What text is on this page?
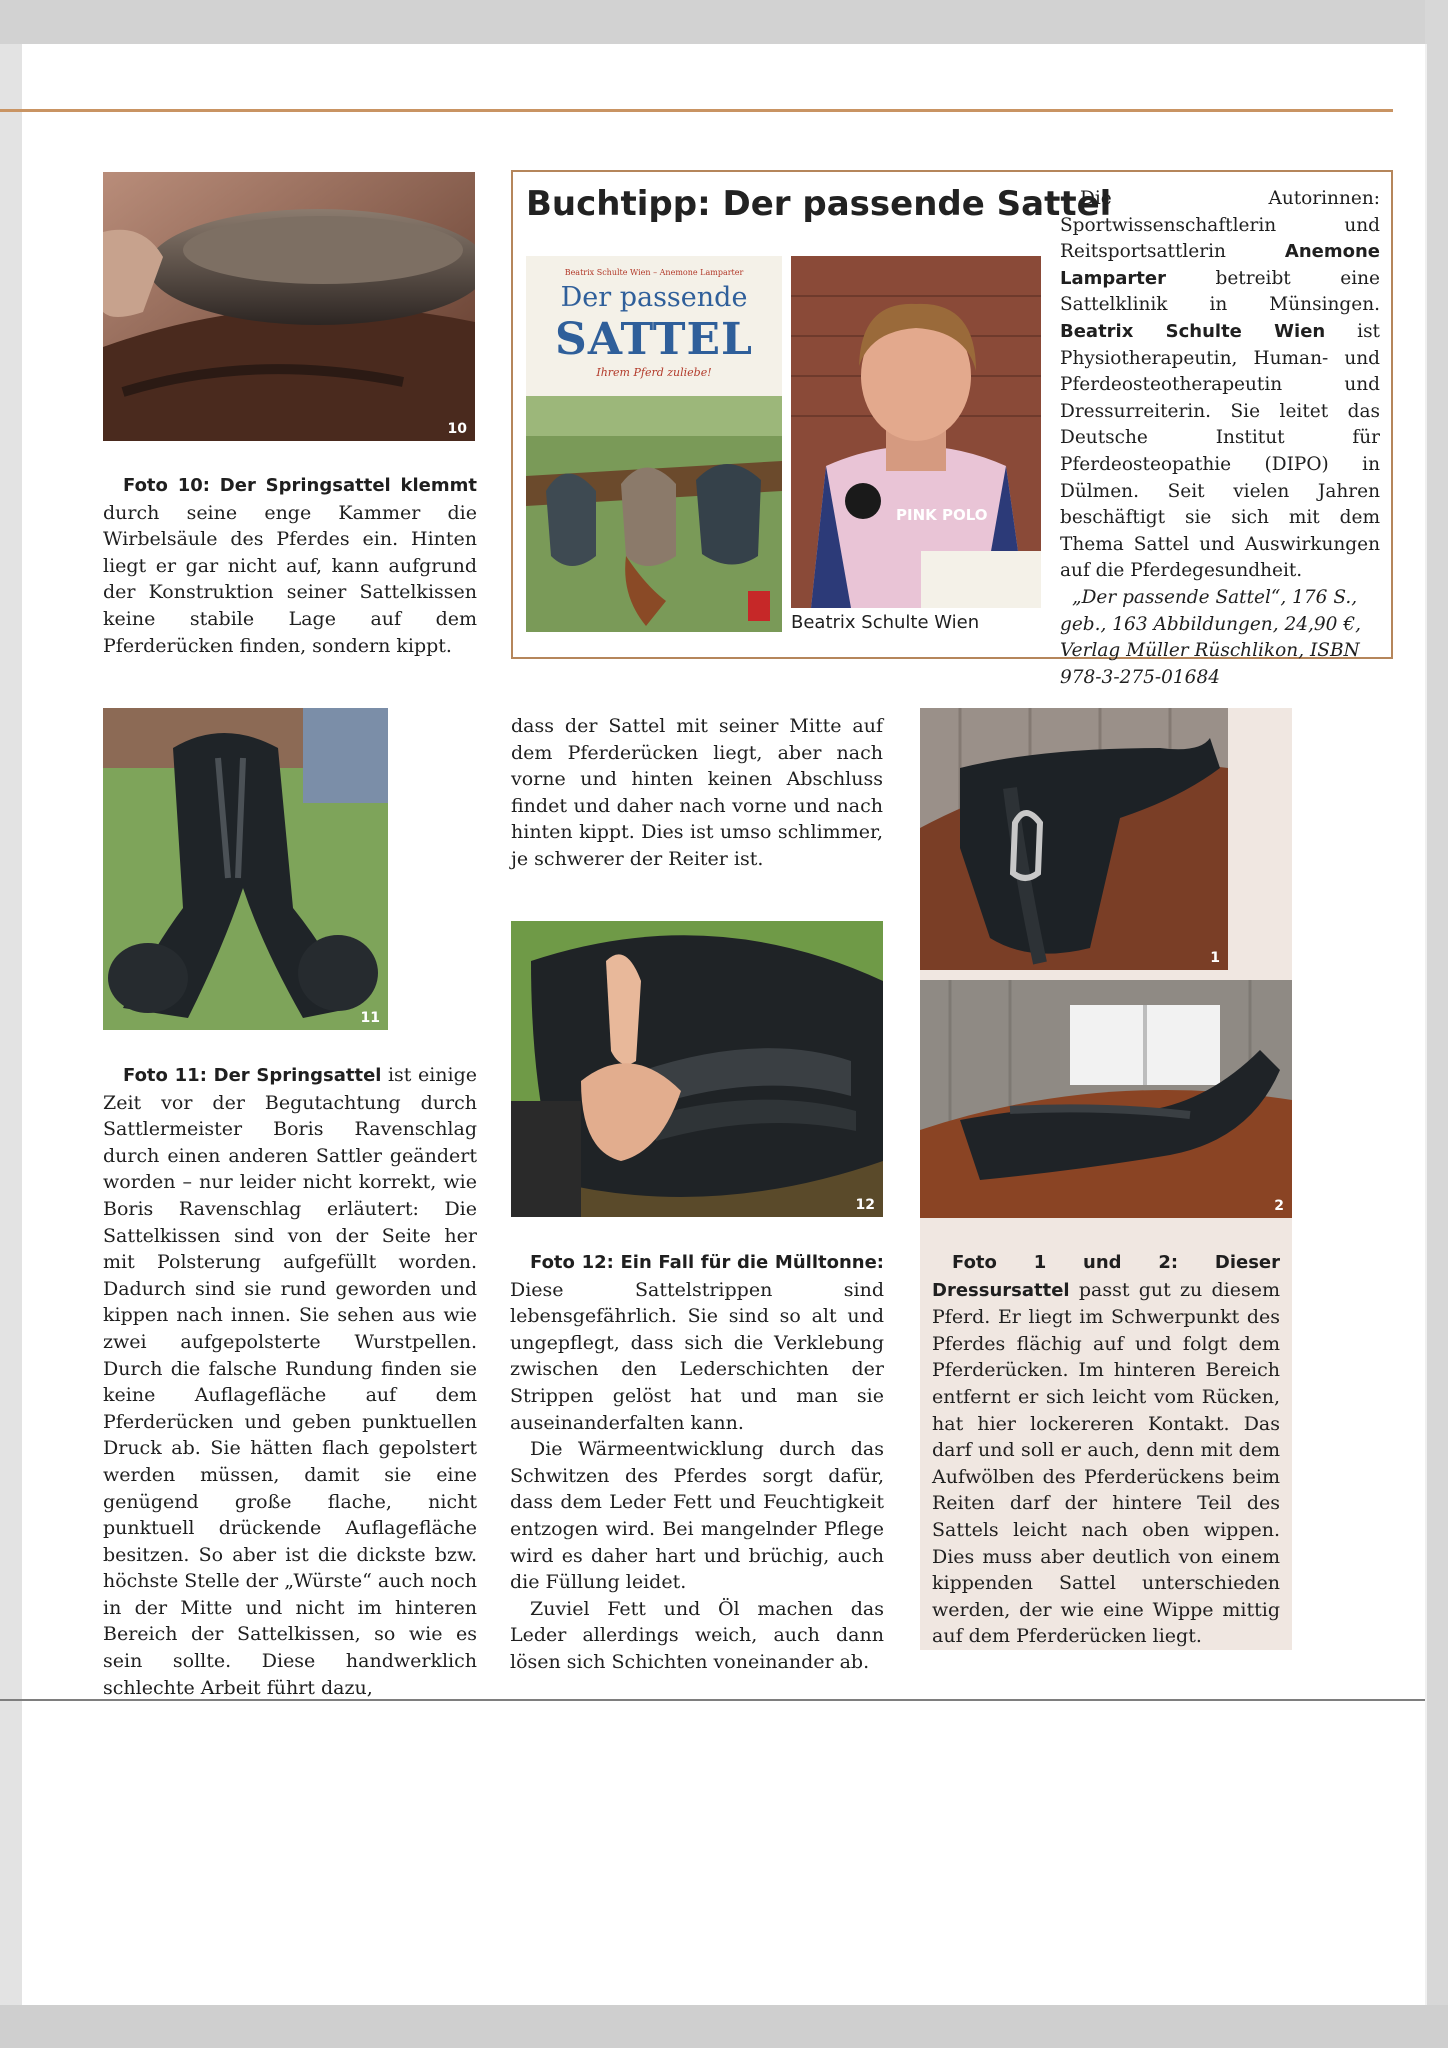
10

Foto 10: Der Springsattel klemmt durch seine enge Kammer die Wirbelsäule des Pferdes ein. Hinten liegt er gar nicht auf, kann aufgrund der Konstruktion seiner Sattelkissen keine stabile Lage auf dem Pferderücken finden, sondern kippt.

Buchtipp: Der passende Sattel
Beatrix Schulte Wien – Anemone Lamparter
Der passende
SATTEL
Ihrem Pferd zuliebe!
PINK POLO
Beatrix Schulte Wien
Die Autorinnen: Sportwissenschaftlerin und Reitsportsattlerin Anemone Lamparter betreibt eine Sattelklinik in Münsingen. Beatrix Schulte Wien ist Physiotherapeutin, Human- und Pferdeosteotherapeutin und Dressurreiterin. Sie leitet das Deutsche Institut für Pferdeosteopathie (DIPO) in Dülmen. Seit vielen Jahren beschäftigt sie sich mit dem Thema Sattel und Auswirkungen auf die Pferdegesundheit.
„Der passende Sattel“, 176 S., geb., 163 Abbildungen, 24,90 €, Verlag Müller Rüschlikon, ISBN 978-3-275-01684
11

Foto 11: Der Springsattel ist einige Zeit vor der Begutachtung durch Sattlermeister Boris Ravenschlag durch einen anderen Sattler geändert worden – nur leider nicht korrekt, wie Boris Ravenschlag erläutert: Die Sattelkissen sind von der Seite her mit Polsterung aufgefüllt worden. Dadurch sind sie rund geworden und kippen nach innen. Sie sehen aus wie zwei aufgepolsterte Wurstpellen. Durch die falsche Rundung finden sie keine Auflagefläche auf dem Pferderücken und geben punktuellen Druck ab. Sie hätten flach gepolstert werden müssen, damit sie eine genügend große flache, nicht punktuell drückende Auflagefläche besitzen. So aber ist die dickste bzw. höchste Stelle der „Würste“ auch noch in der Mitte und nicht im hinteren Bereich der Sattelkissen, so wie es sein sollte. Diese handwerklich schlechte Arbeit führt dazu,

dass der Sattel mit seiner Mitte auf dem Pferderücken liegt, aber nach vorne und hinten keinen Abschluss findet und daher nach vorne und nach hinten kippt. Dies ist umso schlimmer, je schwerer der Reiter ist.

12

Foto 12: Ein Fall für die Mülltonne: Diese Sattelstrippen sind lebensgefährlich. Sie sind so alt und ungepflegt, dass sich die Verklebung zwischen den Lederschichten der Strippen gelöst hat und man sie auseinanderfalten kann.

Die Wärmeentwicklung durch das Schwitzen des Pferdes sorgt dafür, dass dem Leder Fett und Feuchtigkeit entzogen wird. Bei mangelnder Pflege wird es daher hart und brüchig, auch die Füllung leidet.

Zuviel Fett und Öl machen das Leder allerdings weich, auch dann lösen sich Schichten voneinander ab.

1
2

Foto 1 und 2: Dieser Dressursattel passt gut zu diesem Pferd. Er liegt im Schwerpunkt des Pferdes flächig auf und folgt dem Pferderücken. Im hinteren Bereich entfernt er sich leicht vom Rücken, hat hier lockereren Kontakt. Das darf und soll er auch, denn mit dem Aufwölben des Pferderückens beim Reiten darf der hintere Teil des Sattels leicht nach oben wippen. Dies muss aber deutlich von einem kippenden Sattel unterschieden werden, der wie eine Wippe mittig auf dem Pferderücken liegt.
